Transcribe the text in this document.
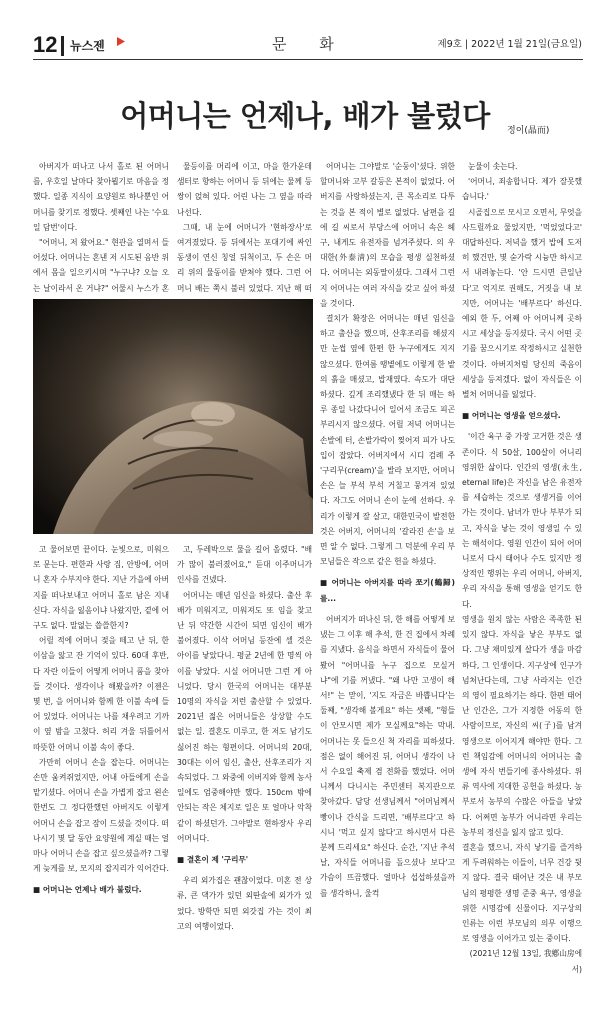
12 뉴스젠	문 화	제9호 | 2022년 1월 21일(금요일)
어머니는 언제나, 배가 불렀다	정이(晶而)

아버지가 떠나고 나서 홀로 된 어머니를, 우호일 날마다 찾아뵙기로 마음을 정했다. 일종 지식이 요양원로 하나뿐인 어머니를 찾기로 정했다. 셋째인 나는 '수요일 담번'이다.

"어머니, 저 왔어요." 현관을 열며서 들어섰다. 어머니는 혼낸 저 시도된 음반 위에서 몸을 일으키시며 "누구냐? 오늘 오는 날이라서 온 거냐?" 어물시 누스가 혼

물등이를 머리에 이고, 마을 한가운데 샘터로 향하는 어머니 등 뒤에는 물께 등쌍이 얹혀 있다. 어린 나는 그 옆을 따라 나선다.

그때, 내 눈에 어머니가 '현하장사'로 여겨졌었다. 등 뒤에서는 포대기에 싸인 동생이 연신 칭얼 뒤척이고, 두 손은 머리 위의 물동이를 받쳐야 했다. 그런 어머니 배는 쭉시 불러 있었다. 지난 해 떠

고 물어보면 끝이다. 눈빛으로, 미워으로 문는다. 편한과 사랑 짐, 안방에, 어머니 혼자 수부지야 한다. 지난 가을에 아버지를 떠나보내고 어머니 홀로 남은 지내신다. 자식을 잃음이냐 나왔지만, 곁에 어구도 없다. 말없는 씁쓸한지?

어릴 적에 어머니 젖을 떼고 난 뒤, 한 이삼을 앓고 잔 기억이 있다. 60대 후반, 다 자란 이들이 어떻게 어머니 품을 찾아들 것이다. 생각이나 해봤을까? 이젠은 몇 번, 을 어머니와 함께 한 이불 속에 들어 있었다. 어머니는 나를 채우려고 기까이 옆 밤을 고쳤다. 허리 겨울 뒤틀어서 따뜻한 어머니 이불 속이 좋다.

가만히 어머니 손을 잡는다. 어머니는 손만 움켜쥐었지만, 어내 아들에게 손을 맡기셨다. 어머니 손을 가볍게 잡고 왼손 한번도 그 정다한했던 아버지도 이렇게 어머니 손을 잡고 잠이 드셨을 것이다. 떠나시기 몇 달 동안 요양원에 계실 때는 얼마나 어머니 손을 잡고 싶으셨을까? 그렇게 늦게를 보, 모지의 잡지리가 익어간다.

■ 어머니는 언제나 배가 불렀다.

고, 두레박으로 물을 길어 올렸다. "배가 많이 불러졌어요," 듣대 이주머니가 인사를 건넸다.

어머니는 매년 임신을 하셨다. 출산 후 배가 미워지고, 미워져도 또 임을 찾고 난 뒤 약간한 시간이 되면 임신이 배가 불어졌다. 이삭 어머님 등잔에 셀 것은 아이를 낳았다니. 평균 2년에 한 명씩 아이를 낳았다. 시실 어머니만 그런 게 아니었다. 당시 한국의 어머니는 대부분 10명의 자식을 저런 출산할 수 있었다. 2021년 젊은 어머니들은 상상할 수도 없는 일. 결혼도 미루고, 한 저도 남기도 싫어진 하는 형편이다. 어머니의 20대, 30대는 이어 임신, 출산, 산후조리가 지속되었다. 그 와중에 이버지와 함께 농사일에도 엄중해야만 했다. 150cm 밖에 안되는 작은 체지로 일은 또 얼마나 악착같이 하셨던가. 그야말로 현하장사 우리 어머니다.

■ 결혼이 제 '구리무'

우리 외가집은 괜찮이었다. 미혼 전 상류, 큰 댁가가 있던 외딴솔에 외가가 있었다. 방학만 되면 외갓집 가는 것이 최고의 여행이었다.

어머니는 그야말로 '순둥이'셨다. 위한 할머니와 고부 갈등은 본적이 없었다. 어버지를 사랑하셨는지, 큰 목소리로 다투는 것을 본 적이 별로 없었다. 남편을 길에 길 씨로서 부당스에 어머니 속은 헤구, 내게도 유전자를 넘겨주셨다. 의 우대한(外泰淸)의 모습을 평생 실천하셨다. 어머니는 외동딸이셨다. 그래서 그런지 어머니는 여러 자식을 갖고 싶어 하셨을 것이다.

결치가 확장은 어머니는 매년 임신을 하고 출산을 했으며, 산후조리를 해셨지만 눈썹 옆에 한편 한 누구에게도 지지 않으셨다. 한여름 땡볕에도 이렇게 한 밭의 흙을 매셨고, 밥재였다. 속도가 대단하셨다. 깊게 조리했냈다 한 뒤 매는 하루 종일 나갔다니어 일어서 조금도 피곤 부리시지 않으셨다. 어릴 저녁 어머니는 손발에 터, 손발가락이 찢어져 피가 나도 입이 잡았다. 어버지에서 시디 검례 주 '구리무(cream)'을 발라 보지만, 어머니 손은 늘 부석 부석 거칠고 뭉겨져 있었다. 자그도 어머니 손이 눈에 선하다. 우리가 이렇게 잘 살고, 대한민국이 발전한 것은 어버지, 어머니의 '갈라진 손'을 보면 알 수 없다. 그렇게 그 덕분에 우리 부모님들은 작으로 같은 헌을 하셨다.

■ 어머니는 아버지를 따라 쪼기(鶴歸)를...

어버지가 떠나신 뒤, 한 해를 어떻게 보냈는 그 이후 해 추석, 한 건 집에서 차례를 지냈다. 음식을 하면서 자식들이 물어봤어 "어머니를 누구 집으로 모실거냐"에 기를 꺼냈다. "왜 나만 고생이 해 서!" 는 맏이, '지도 자금은 바쁩니다'는 둘째, "생각해 볼게요" 하는 셋째, "형들이 안모시면 제가 모실께요"하는 막내. 어머니는 못 들으신 척 자리를 피하셨다. 점은 없이 해어진 뒤, 어머니 생각이 나서 수요일 축제 겸 전화를 했었다. 어머니께서 다니시는 주민센터 복지관으로 찾아갔다. 담당 선생님께서 "어머님께서 빵이나 간식을 드리면, '배부르다'고 하시니 '먹고 싶지 않다'고 하시면서 다른 분께 드리세요" 하신다. 순간, '지난 추석 날, 자식들 어머니를 돌으셨나 보다'고 가슴이 뜨끔했다. 얼마나 섭섭하셨을까를 생각하니, 울컥

눈물이 솟는다.

'어머니, 죄송합니다. 제가 잘못했습니다.'

시골집으로 모시고 오면서, 무엇을 사드릴까요 물었지만, '먹었었다고' 대답하신다. 저녁을 했거 밥에 도저히 했건만, 몇 숟가락 시늉만 하시고서 내려놓는다. '안 드시면 큰일난다'고 억지로 권해도, 거짓을 내 보지만, 어머니는 '배부르다' 하신다. 예외 한 두, 어째 아 어머니께 곳하시고 세상을 등지셨다. 국시 어떤 곳기를 꿈으시기로 작정하시고 실천한 것이다. 아버지처럼 당신의 죽음이 세상을 등져겠다. 없이 자식들은 이별처 어머니를 잃었다.

■ 어머니는 영생을 얻으셨다.

'이간 육구 중 가장 고거한 것은 생존이다. 식 50살, 100살이 어니리 영위한 삶이다. 인간의 영생(永生, eternal life)은 자신을 남은 유전자를 세습하는 것으로 생생거를 이어가는 것이다. 남녀가 만나 부부가 되고, 자식을 낳는 것이 영생일 수 있는 해석이다. 영원 인간이 되어 어머니로서 다시 태어나 수도 있지만 정상적인 행위는 우리 어머니, 아버지, 우리 자식을 통해 영생을 얻기도 한다.
영생을 원치 않는 사람은 족족한 된 있지 않다. 자식을 낳은 부부도 없다. 그냥 채미있게 살다가 생을 마감하다, 그 인생이다. 지구상에 인구가 넘쳐난다는데, 그냥 사라지는 인간의 영이 필요하기는 하다. 한편 태어난 인간은, 그가 지정한 어동의 한 사람이므로, 자신의 씨(子)를 남겨 영생으로 이어지게 해야만 한다. 그런 책임감에 어머니의 어머니는 출생에 자식 번들기에 종사하셨다. 위류 역사에 지대한 공헌을 하셨다. 농부로서 농부의 수많은 아들을 낳았다. 어쩌면 농부가 어니라면 우리는 농부의 정신을 잃지 않고 있다.
결혼을 했으니, 자식 낳기를 즐겨하게 두려워하는 이들이, 너무 건강 뒷지 않다. 결국 태어난 것은 내 부모님의 평평한 생명 준중 욕구, 영생을 위한 시명감에 신물이다. 지구상의 인류는 이런 부모님의 의무 이행으로 영생을 이어가고 있는 중이다.

(2021년 12월 13일, 我鄕山房에서)
